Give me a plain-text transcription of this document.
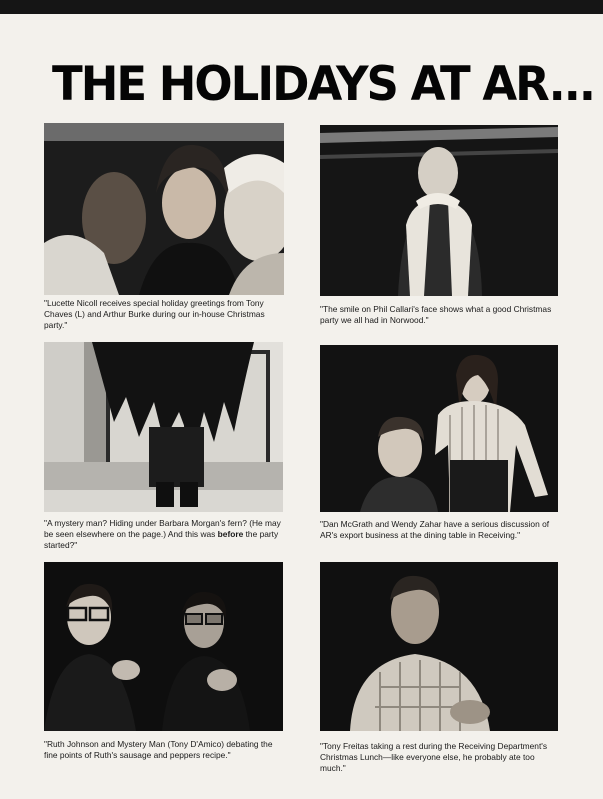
THE HOLIDAYS AT AR...
"Lucette Nicoll receives special holiday greetings from Tony Chaves (L) and Arthur Burke during our in-house Christmas party."
"The smile on Phil Callari's face shows what a good Christmas party we all had in Norwood."
"A mystery man? Hiding under Barbara Morgan's fern? (He may be seen elsewhere on the page.) And this was before the party started?"
"Dan McGrath and Wendy Zahar have a serious discussion of AR's export business at the dining table in Receiving."
"Ruth Johnson and Mystery Man (Tony D'Amico) debating the fine points of Ruth's sausage and peppers recipe."
"Tony Freitas taking a rest during the Receiving Department's Christmas Lunch—like everyone else, he probably ate too much."
